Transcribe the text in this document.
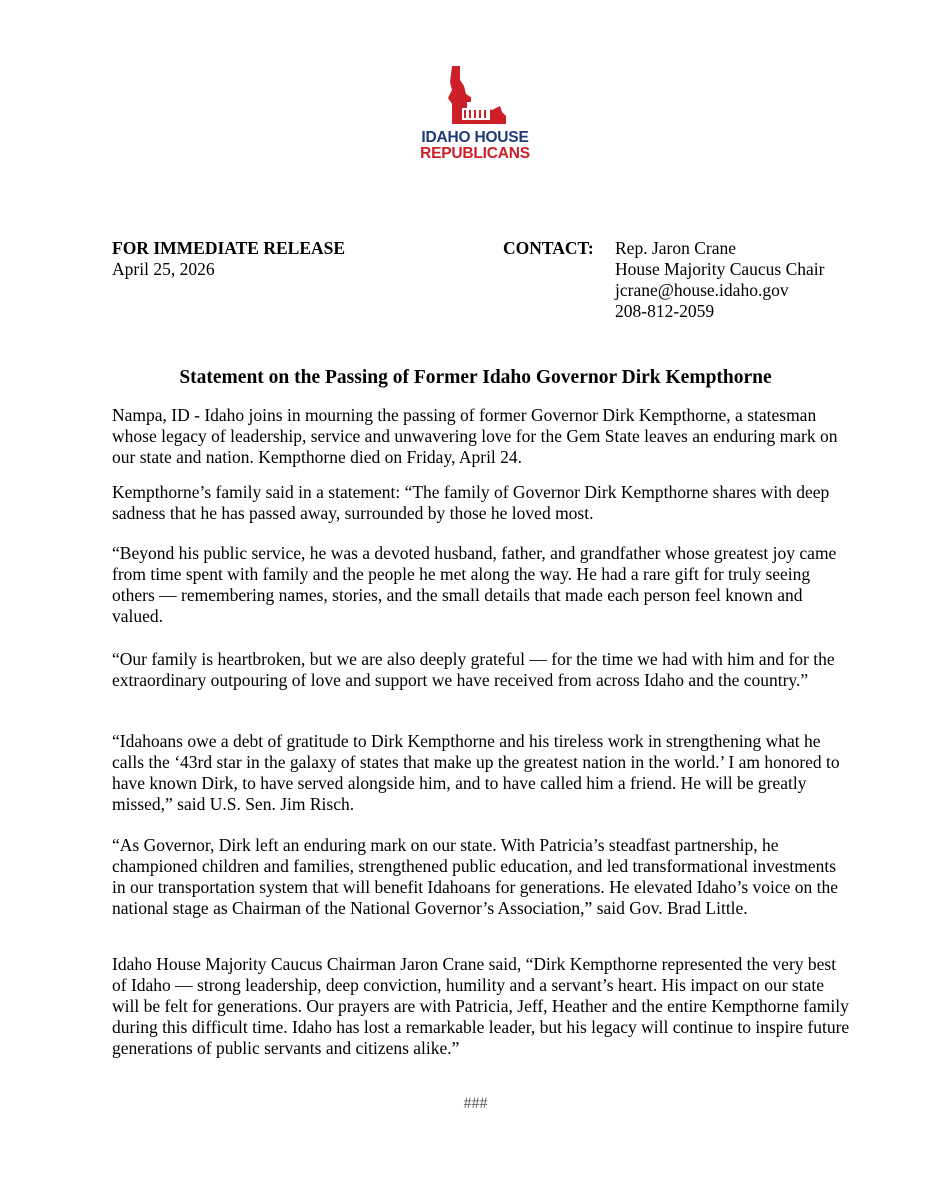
IDAHO HOUSE
REPUBLICANS
FOR IMMEDIATE RELEASE
April 25, 2026
CONTACT: Rep. Jaron Crane
House Majority Caucus Chair
jcrane@house.idaho.gov
208-812-2059
Statement on the Passing of Former Idaho Governor Dirk Kempthorne

Nampa, ID - Idaho joins in mourning the passing of former Governor Dirk Kempthorne, a statesman whose legacy of leadership, service and unwavering love for the Gem State leaves an enduring mark on our state and nation. Kempthorne died on Friday, April 24.

Kempthorne’s family said in a statement: “The family of Governor Dirk Kempthorne shares with deep sadness that he has passed away, surrounded by those he loved most.

“Beyond his public service, he was a devoted husband, father, and grandfather whose greatest joy came from time spent with family and the people he met along the way. He had a rare gift for truly seeing others — remembering names, stories, and the small details that made each person feel known and valued.

“Our family is heartbroken, but we are also deeply grateful — for the time we had with him and for the extraordinary outpouring of love and support we have received from across Idaho and the country.”

“Idahoans owe a debt of gratitude to Dirk Kempthorne and his tireless work in strengthening what he calls the ‘43rd star in the galaxy of states that make up the greatest nation in the world.’ I am honored to have known Dirk, to have served alongside him, and to have called him a friend. He will be greatly missed,” said U.S. Sen. Jim Risch.

“As Governor, Dirk left an enduring mark on our state. With Patricia’s steadfast partnership, he championed children and families, strengthened public education, and led transformational investments in our transportation system that will benefit Idahoans for generations. He elevated Idaho’s voice on the national stage as Chairman of the National Governor’s Association,” said Gov. Brad Little.

Idaho House Majority Caucus Chairman Jaron Crane said, “Dirk Kempthorne represented the very best of Idaho — strong leadership, deep conviction, humility and a servant’s heart. His impact on our state will be felt for generations. Our prayers are with Patricia, Jeff, Heather and the entire Kempthorne family during this difficult time. Idaho has lost a remarkable leader, but his legacy will continue to inspire future generations of public servants and citizens alike.”

###
